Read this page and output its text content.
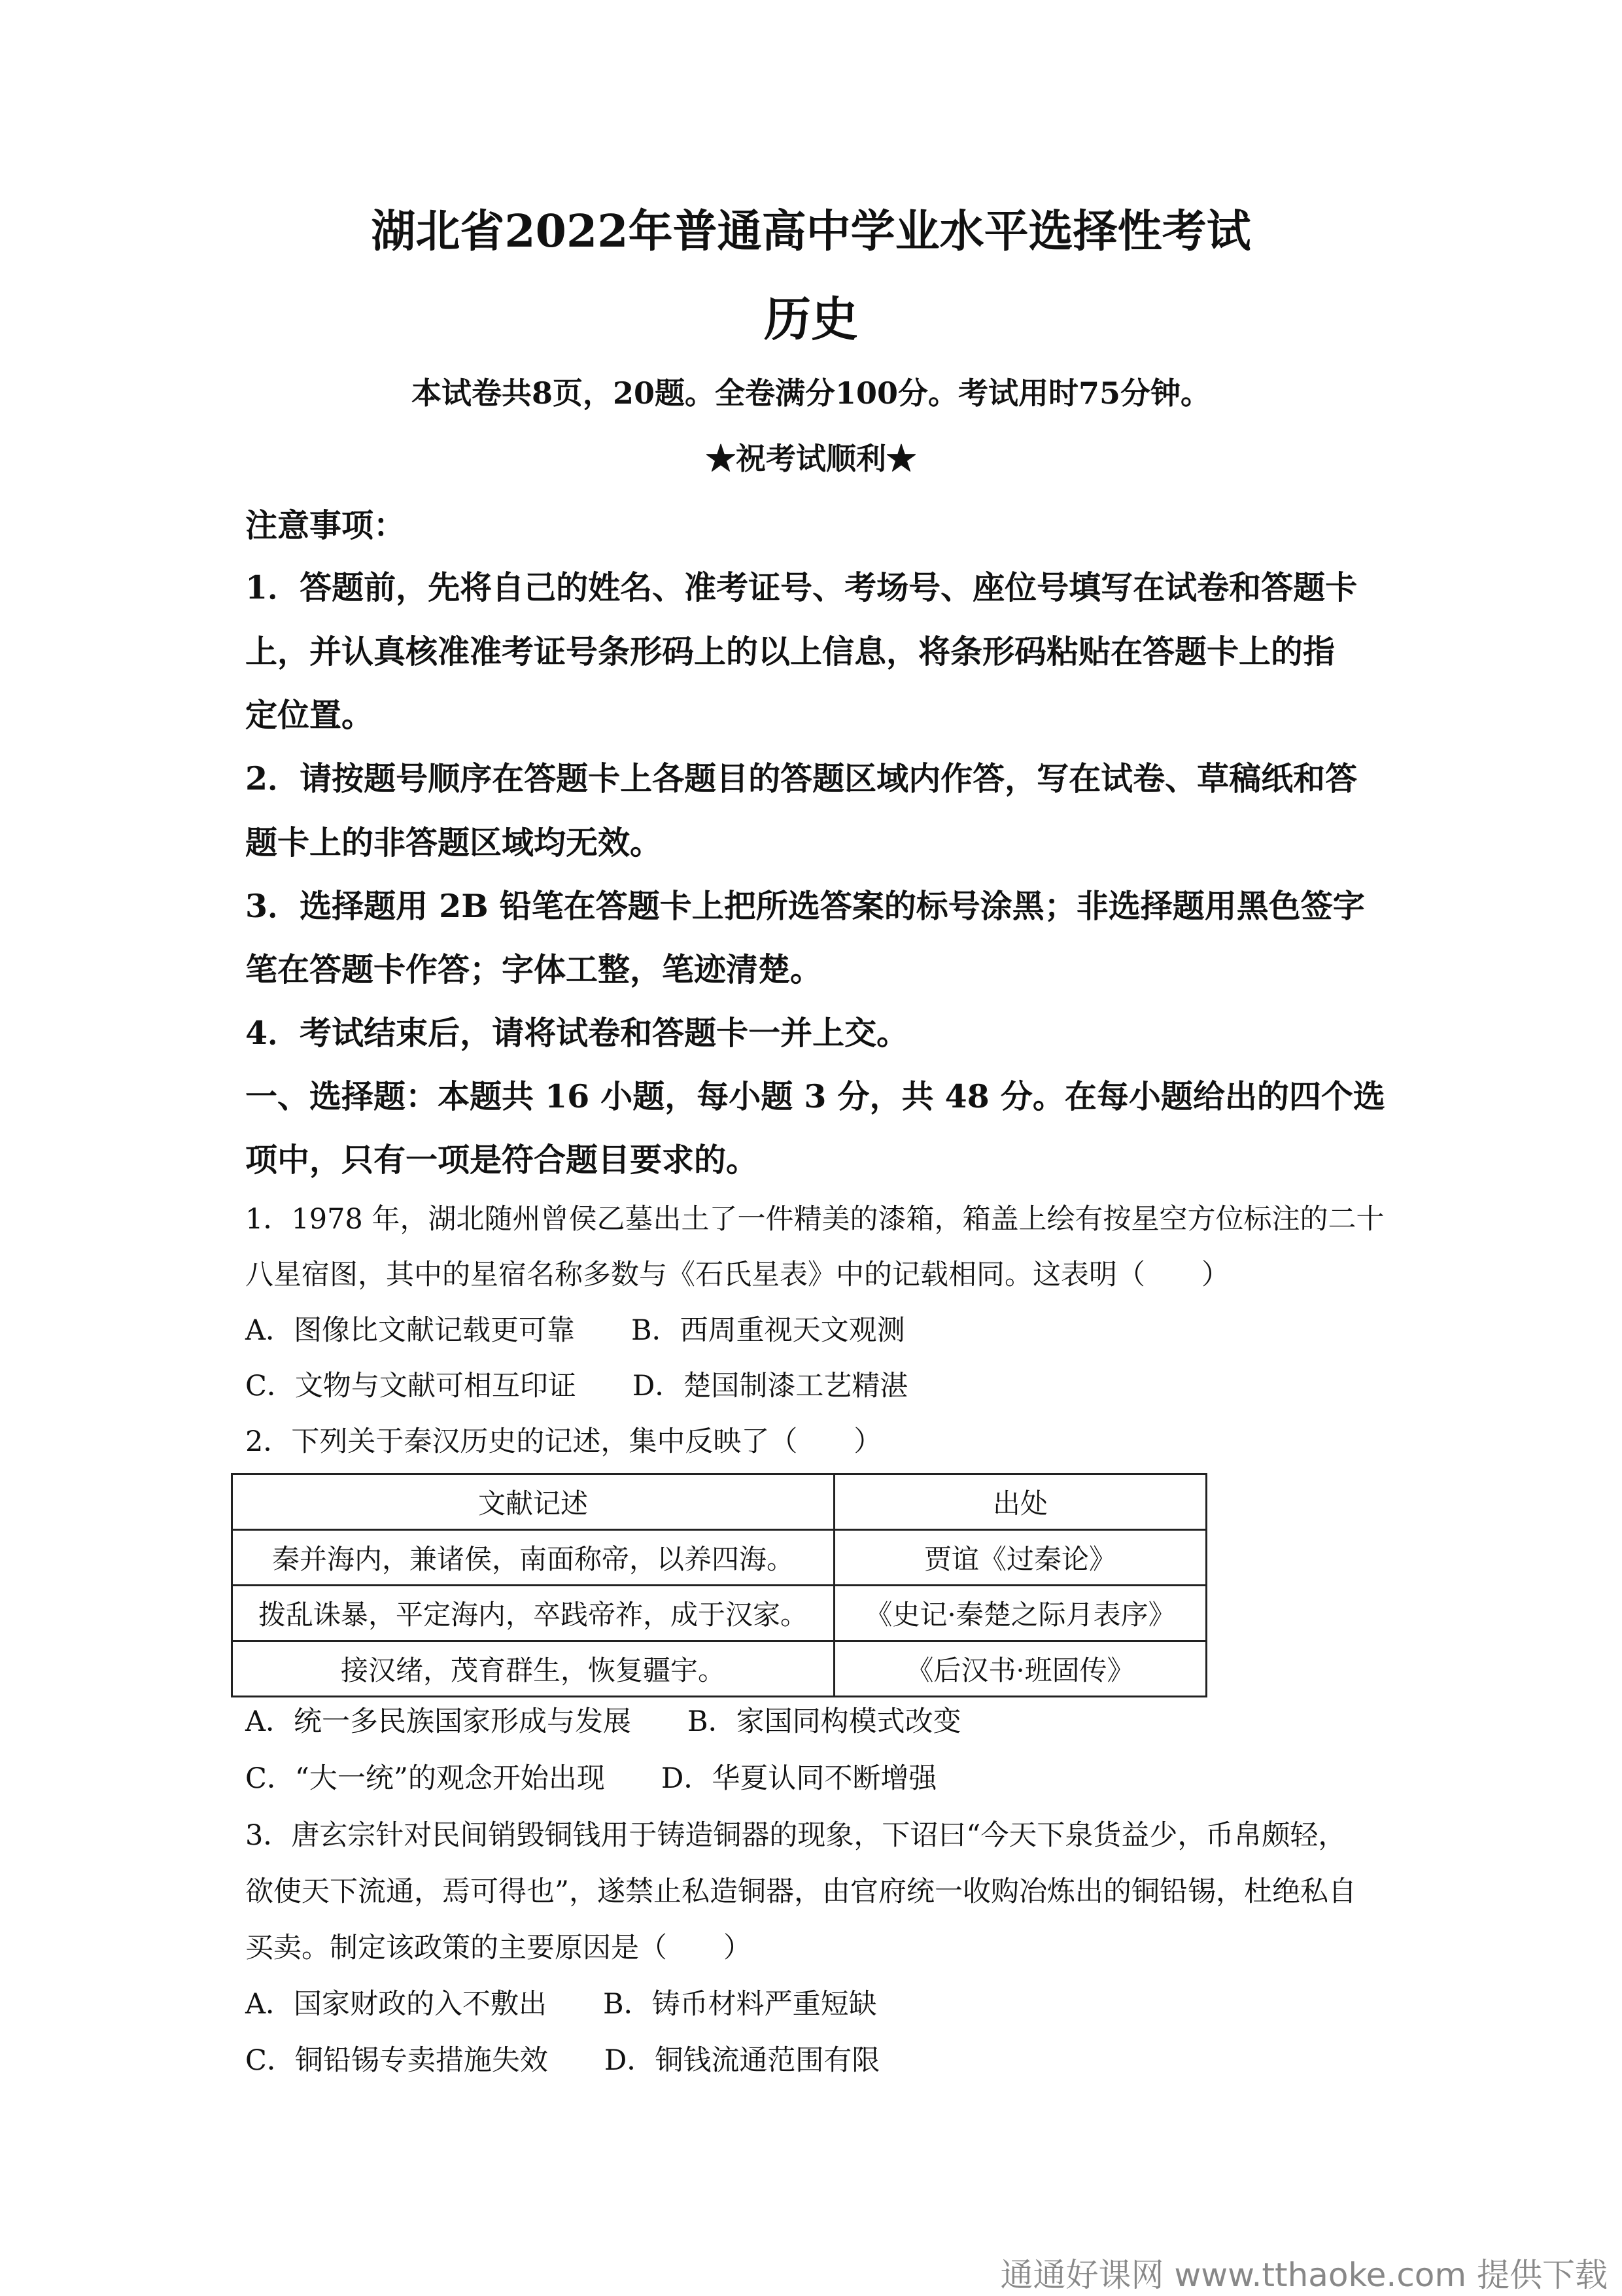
湖北省2022年普通高中学业水平选择性考试
历史
本试卷共8页，20题。全卷满分100分。考试用时75分钟。
★祝考试顺利★
注意事项：
1．答题前，先将自己的姓名、准考证号、考场号、座位号填写在试卷和答题卡
上，并认真核准准考证号条形码上的以上信息，将条形码粘贴在答题卡上的指
定位置。
2．请按题号顺序在答题卡上各题目的答题区域内作答，写在试卷、草稿纸和答
题卡上的非答题区域均无效。
3．选择题用 2B 铅笔在答题卡上把所选答案的标号涂黑；非选择题用黑色签字
笔在答题卡作答；字体工整，笔迹清楚。
4．考试结束后，请将试卷和答题卡一并上交。
一、选择题：本题共 16 小题，每小题 3 分，共 48 分。在每小题给出的四个选
项中，只有一项是符合题目要求的。
1．1978 年，湖北随州曾侯乙墓出土了一件精美的漆箱，箱盖上绘有按星空方位标注的二十
八星宿图，其中的星宿名称多数与《石氏星表》中的记载相同。这表明（　　）
A．图像比文献记载更可靠　　B．西周重视天文观测
C．文物与文献可相互印证　　D．楚国制漆工艺精湛
2．下列关于秦汉历史的记述，集中反映了（　　）
文献记述	出处
秦并海内，兼诸侯，南面称帝，以养四海。	贾谊《过秦论》
拨乱诛暴，平定海内，卒践帝祚，成于汉家。	《史记·秦楚之际月表序》
接汉绪，茂育群生，恢复疆宇。	《后汉书·班固传》
A．统一多民族国家形成与发展　　B．家国同构模式改变
C．“大一统”的观念开始出现　　D．华夏认同不断增强
3．唐玄宗针对民间销毁铜钱用于铸造铜器的现象，下诏曰“今天下泉货益少，币帛颇轻，
欲使天下流通，焉可得也”，遂禁止私造铜器，由官府统一收购冶炼出的铜铅锡，杜绝私自
买卖。制定该政策的主要原因是（　　）
A．国家财政的入不敷出　　B．铸币材料严重短缺
C．铜铅锡专卖措施失效　　D．铜钱流通范围有限
通通好课网 www.tthaoke.com 提供下载
